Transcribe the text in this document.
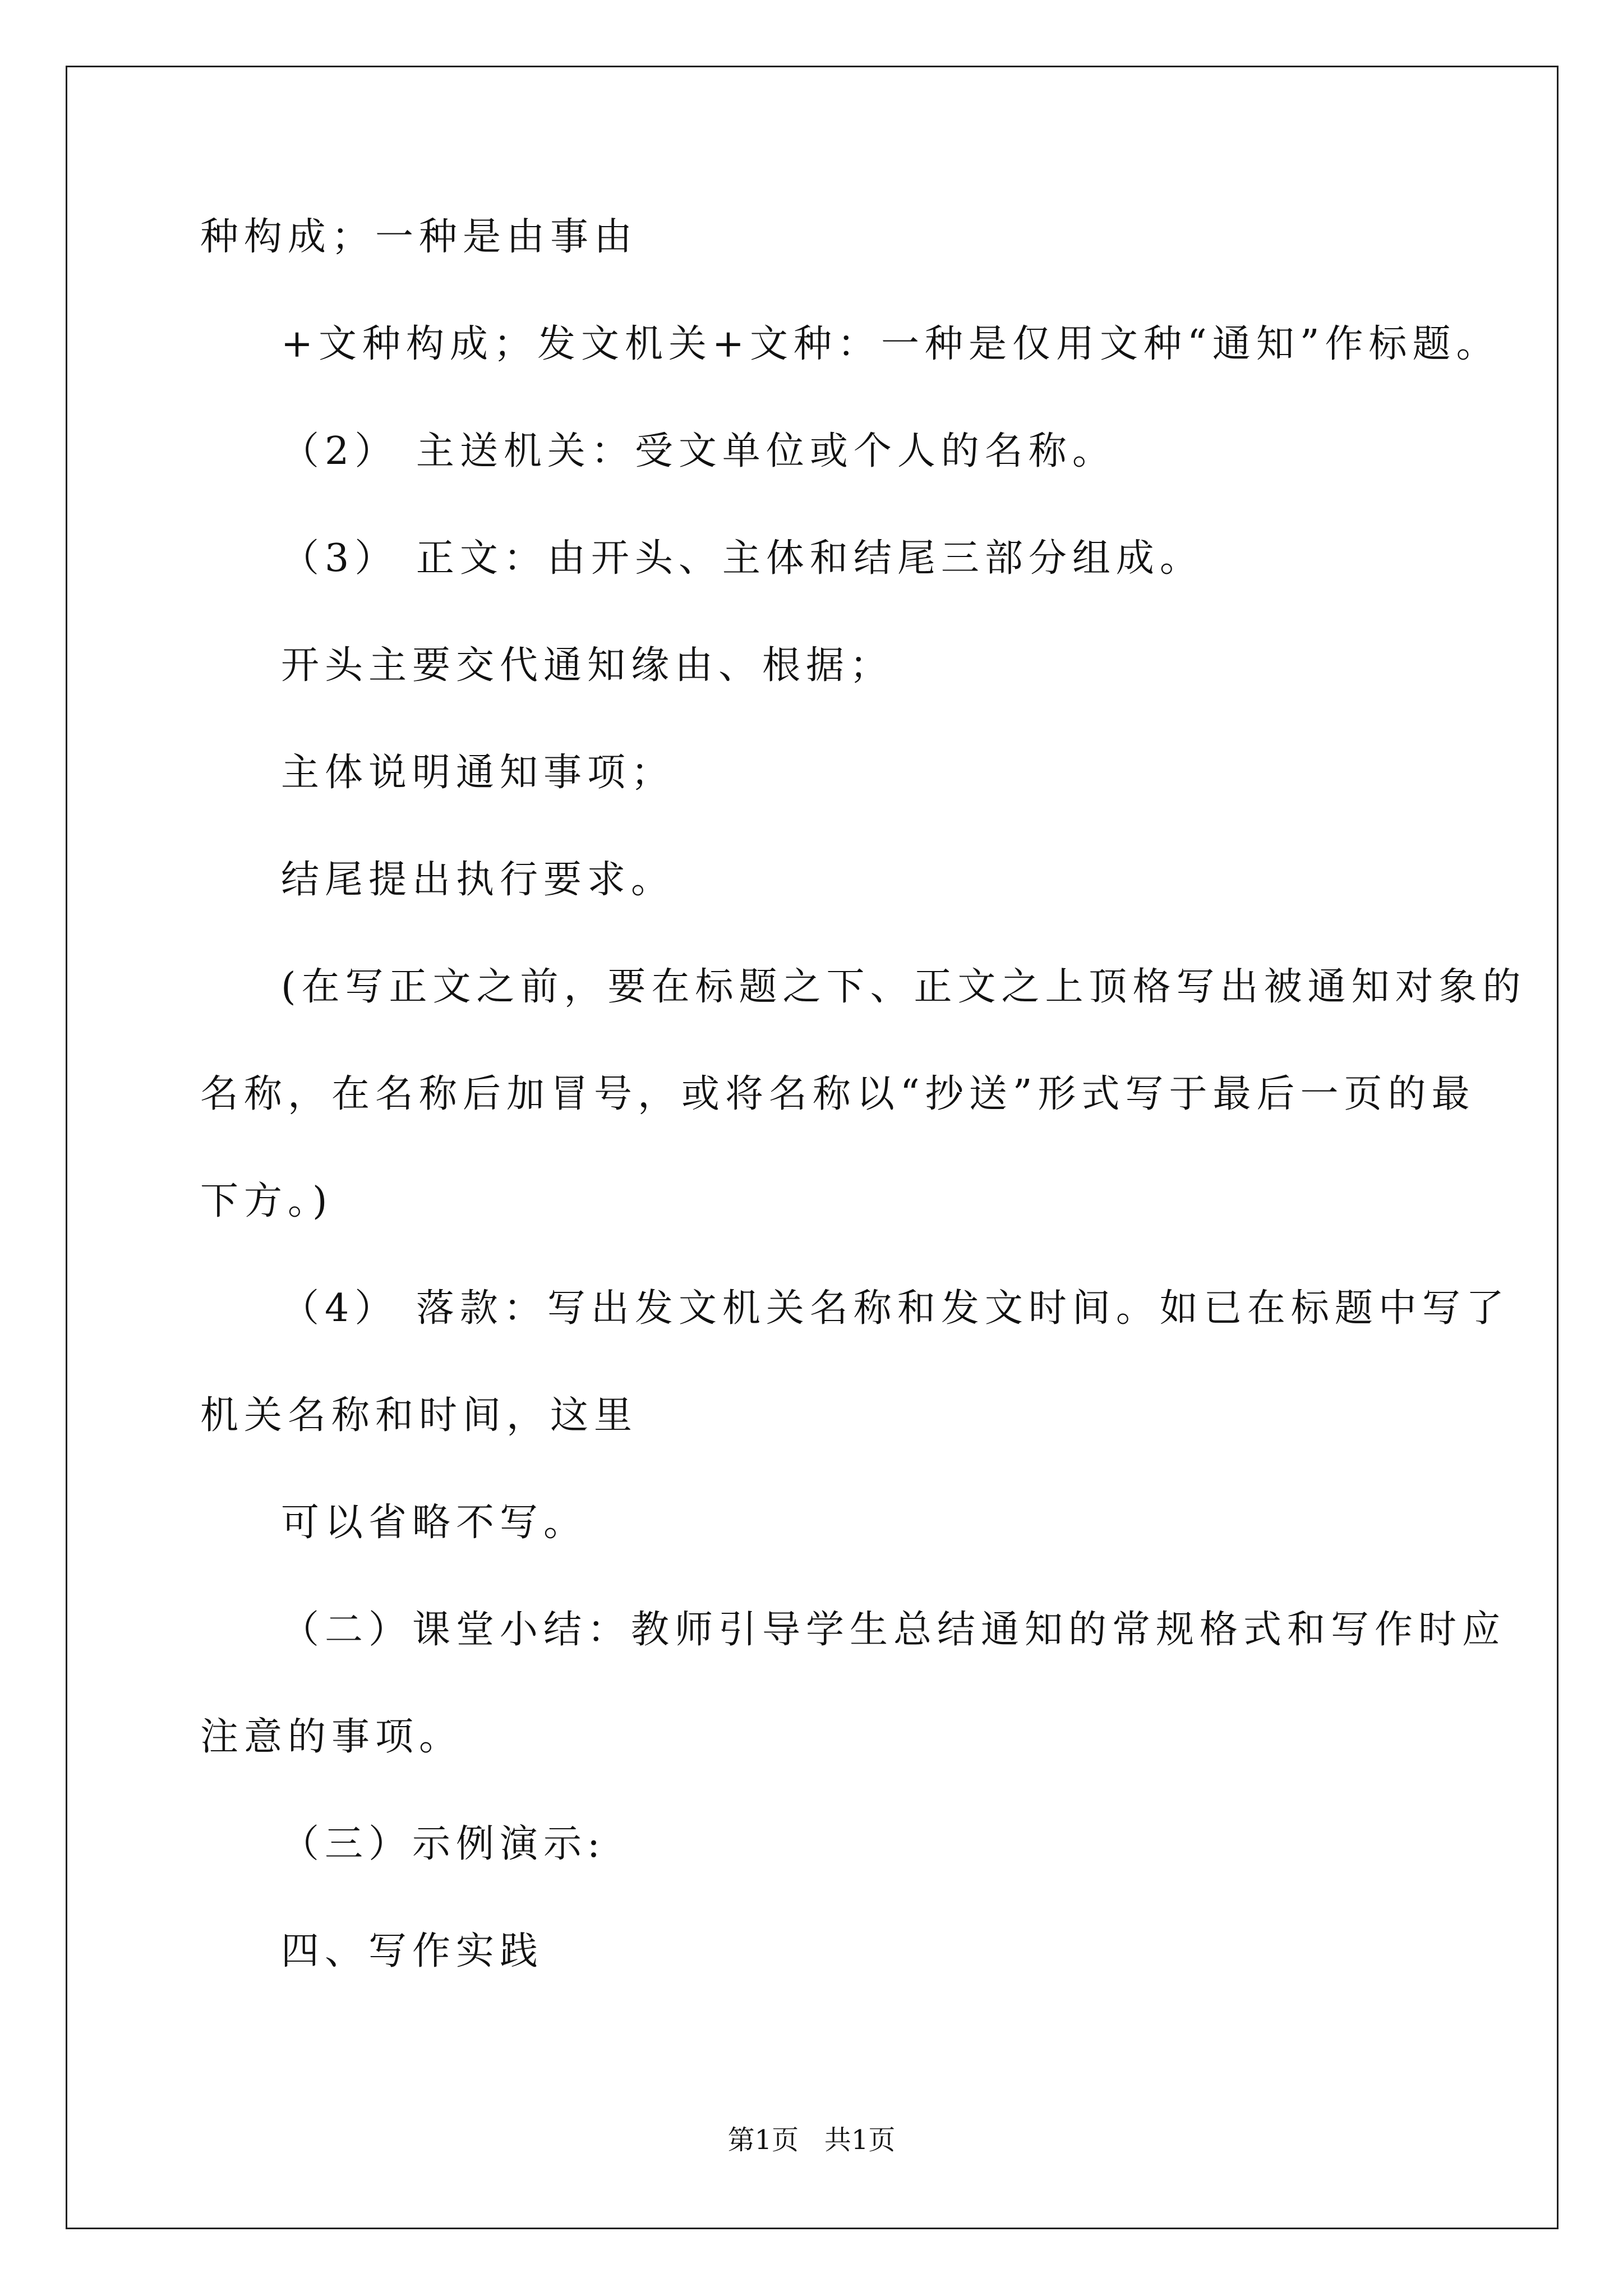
种构成；一种是由事由

+文种构成；发文机关+文种：一种是仅用文种“通知”作标题。

（2） 主送机关：受文单位或个人的名称。

（3） 正文：由开头、主体和结尾三部分组成。

开头主要交代通知缘由、根据；

主体说明通知事项；

结尾提出执行要求。

(在写正文之前，要在标题之下、正文之上顶格写出被通知对象的

名称，在名称后加冒号，或将名称以“抄送”形式写于最后一页的最

下方。)

（4） 落款：写出发文机关名称和发文时间。如已在标题中写了

机关名称和时间，这里

可以省略不写。

（二）课堂小结：教师引导学生总结通知的常规格式和写作时应

注意的事项。

（三）示例演示:

四、写作实践

第1页   共1页
